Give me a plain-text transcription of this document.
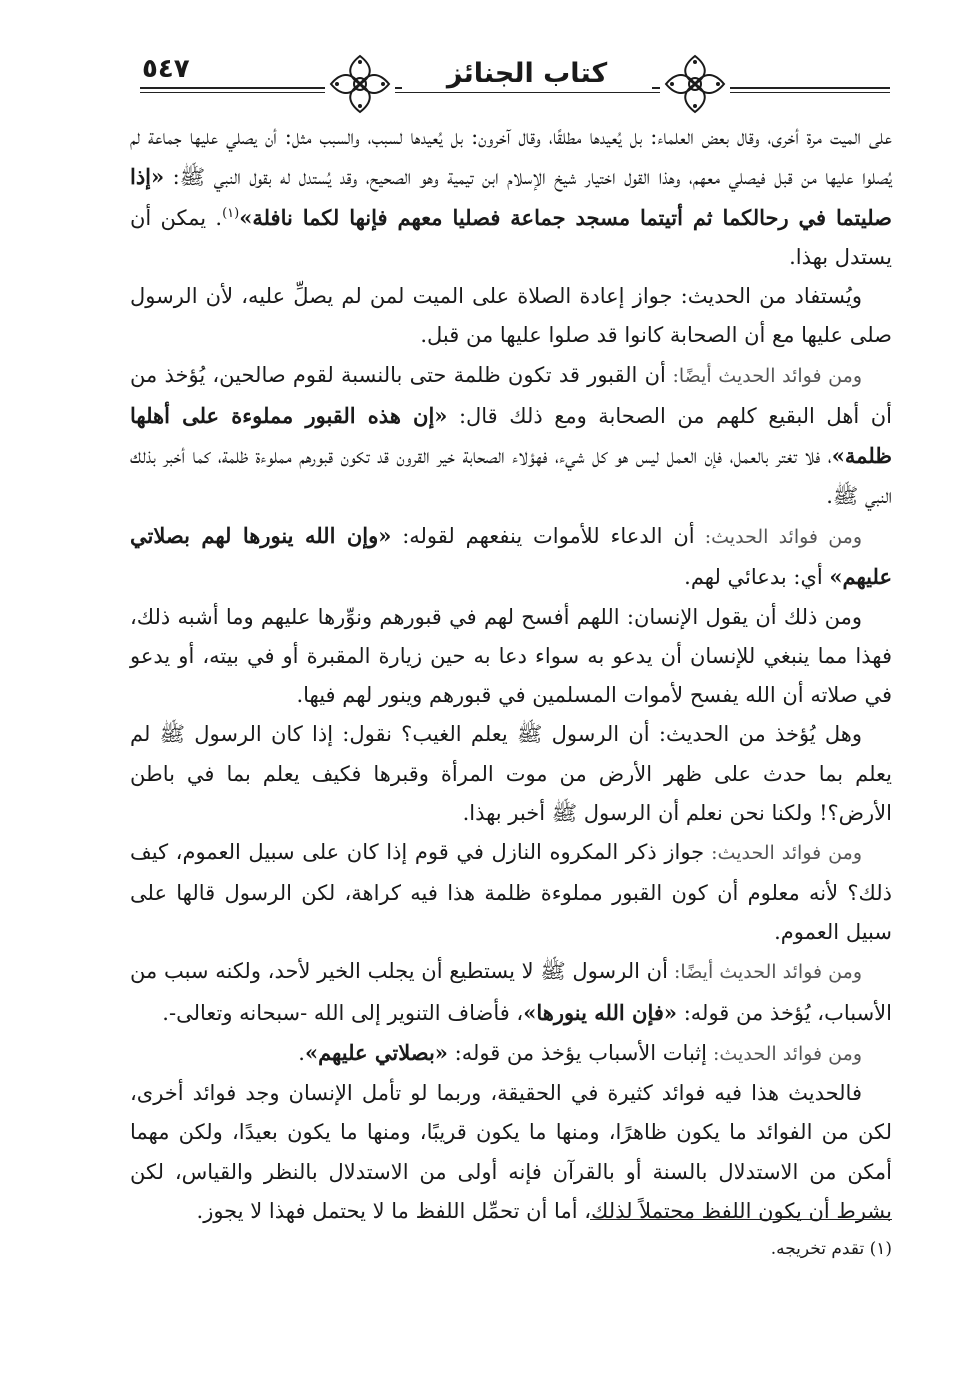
٥٤٧	كتاب الجنائز

على الميت مرة أخرى، وقال بعض العلماء: بل يُعيدها مطلقًا، وقال آخرون: بل يُعيدها لسبب، والسبب مثل: أن يصلي عليها جماعة لم يُصلوا عليها من قبل فيصلي معهم، وهذا القول اختيار شيخ الإسلام ابن تيمية وهو الصحيح، وقد يُستدل له بقول النبي ﷺ: «إذا صليتما في رحالكما ثم أتيتما مسجد جماعة فصليا معهم فإنها لكما نافلة»$^{(١)}$. يمكن أن يستدل بهذا.

ويُستفاد من الحديث: جواز إعادة الصلاة على الميت لمن لم يصلِّ عليه، لأن الرسول صلى عليها مع أن الصحابة كانوا قد صلوا عليها من قبل.

ومن فوائد الحديث أيضًا: أن القبور قد تكون ظلمة حتى بالنسبة لقوم صالحين، يُؤخذ من أن أهل البقيع كلهم من الصحابة ومع ذلك قال: «إن هذه القبور مملوءة على أهلها ظلمة»، فلا تغتر بالعمل، فإن العمل ليس هو كل شيء، فهؤلاء الصحابة خير القرون قد تكون قبورهم مملوءة ظلمة، كما أخبر بذلك النبي ﷺ.

ومن فوائد الحديث: أن الدعاء للأموات ينفعهم لقوله: «وإن الله ينورها لهم بصلاتي عليهم» أي: بدعائي لهم.

ومن ذلك أن يقول الإنسان: اللهم أفسح لهم في قبورهم ونوِّرها عليهم وما أشبه ذلك، فهذا مما ينبغي للإنسان أن يدعو به سواء دعا به حين زيارة المقبرة أو في بيته، أو يدعو في صلاته أن الله يفسح لأموات المسلمين في قبورهم وينور لهم فيها.

وهل يُؤخذ من الحديث: أن الرسول ﷺ يعلم الغيب؟ نقول: إذا كان الرسول ﷺ لم يعلم بما حدث على ظهر الأرض من موت المرأة وقبرها فكيف يعلم بما في باطن الأرض؟! ولكنا نحن نعلم أن الرسول ﷺ أخبر بهذا.

ومن فوائد الحديث: جواز ذكر المكروه النازل في قوم إذا كان على سبيل العموم، كيف ذلك؟ لأنه معلوم أن كون القبور مملوءة ظلمة هذا فيه كراهة، لكن الرسول قالها على سبيل العموم.

ومن فوائد الحديث أيضًا: أن الرسول ﷺ لا يستطيع أن يجلب الخير لأحد، ولكنه سبب من الأسباب، يُؤخذ من قوله: «فإن الله ينورها»، فأضاف التنوير إلى الله -سبحانه وتعالى-.

ومن فوائد الحديث: إثبات الأسباب يؤخذ من قوله: «بصلاتي عليهم».

فالحديث هذا فيه فوائد كثيرة في الحقيقة، وربما لو تأمل الإنسان وجد فوائد أخرى، لكن من الفوائد ما يكون ظاهرًا، ومنها ما يكون قريبًا، ومنها ما يكون بعيدًا، ولكن مهما أمكن من الاستدلال بالسنة أو بالقرآن فإنه أولى من الاستدلال بالنظر والقياس، لكن بشرط أن يكون اللفظ محتملاً لذلك، أما أن تحمِّل اللفظ ما لا يحتمل فهذا لا يجوز.

(١) تقدم تخريجه.
